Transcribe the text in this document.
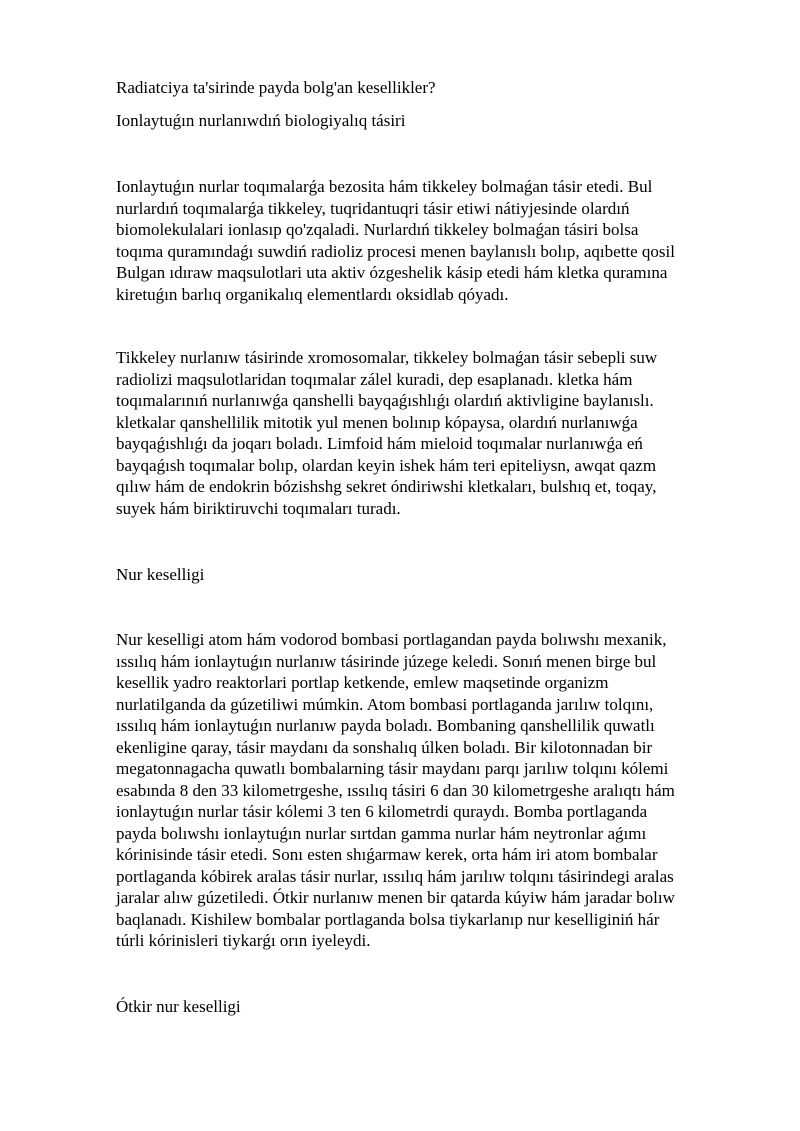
Radiatciya ta'sirinde payda bolg'an kesellikler?
Ionlaytuǵın nurlanıwdıń biologiyalıq tásiri
Ionlaytuǵın nurlar toqımalarǵa bezosita hám tikkeley bolmaǵan tásir etedi. Bul
nurlardıń toqımalarǵa tikkeley, tuqridantuqri tásir etiwi nátiyjesinde olardıń
biomolekulalari ionlasıp qo'zqaladi. Nurlardıń tikkeley bolmaǵan tásiri bolsa
toqıma quramındaǵı suwdiń radioliz procesi menen baylanıslı bolıp, aqıbette qosil
Bulgan ıdıraw maqsulotlari uta aktiv ózgeshelik kásip etedi hám kletka quramına
kiretuǵın barlıq organikalıq elementlardı oksidlab qóyadı.
Tikkeley nurlanıw tásirinde xromosomalar, tikkeley bolmaǵan tásir sebepli suw
radiolizi maqsulotlaridan toqımalar zálel kuradi, dep esaplanadı. kletka hám
toqımalarınıń nurlanıwǵa qanshelli bayqaǵıshlıǵı olardıń aktivligine baylanıslı.
kletkalar qanshellilik mitotik yul menen bolınıp kópaysa, olardıń nurlanıwǵa
bayqaǵıshlıǵı da joqarı boladı. Limfoid hám mieloid toqımalar nurlanıwǵa eń
bayqaǵısh toqımalar bolıp, olardan keyin ishek hám teri epiteliysn, awqat qazm
qılıw hám de endokrin bózishshg sekret óndiriwshi kletkaları, bulshıq et, toqay,
suyek hám biriktiruvchi toqımaları turadı.
Nur keselligi
Nur keselligi atom hám vodorod bombasi portlagandan payda bolıwshı mexanik,
ıssılıq hám ionlaytuǵın nurlanıw tásirinde júzege keledi. Sonıń menen birge bul
kesellik yadro reaktorlari portlap ketkende, emlew maqsetinde organizm
nurlatilganda da gúzetiliwi múmkin. Atom bombasi portlaganda jarılıw tolqını,
ıssılıq hám ionlaytuǵın nurlanıw payda boladı. Bombaning qanshellilik quwatlı
ekenligine qaray, tásir maydanı da sonshalıq úlken boladı. Bir kilotonnadan bir
megatonnagacha quwatlı bombalarning tásir maydanı parqı jarılıw tolqını kólemi
esabında 8 den 33 kilometrgeshe, ıssılıq tásiri 6 dan 30 kilometrgeshe aralıqtı hám
ionlaytuǵın nurlar tásir kólemi 3 ten 6 kilometrdi quraydı. Bomba portlaganda
payda bolıwshı ionlaytuǵın nurlar sırtdan gamma nurlar hám neytronlar aǵımı
kórinisinde tásir etedi. Sonı esten shıǵarmaw kerek, orta hám iri atom bombalar
portlaganda kóbirek aralas tásir nurlar, ıssılıq hám jarılıw tolqını tásirindegi aralas
jaralar alıw gúzetiledi. Ótkir nurlanıw menen bir qatarda kúyiw hám jaradar bolıw
baqlanadı. Kishilew bombalar portlaganda bolsa tiykarlanıp nur keselliginiń hár
túrli kórinisleri tiykarǵı orın iyeleydi.
Ótkir nur keselligi
